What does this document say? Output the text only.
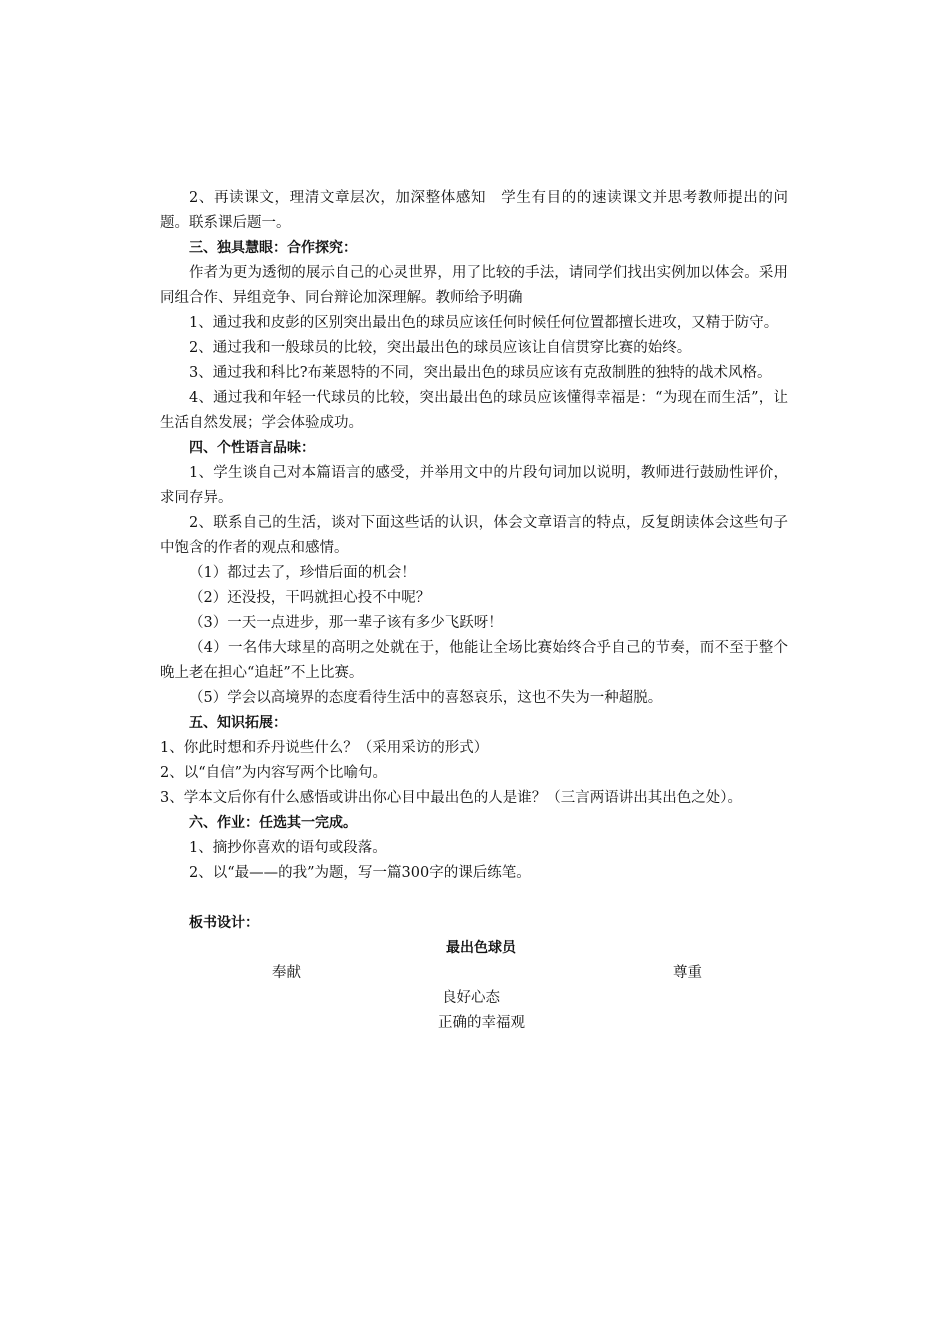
2、再读课文，理清文章层次，加深整体感知　学生有目的的速读课文并思考教师提出的问题。联系课后题一。

三、独具慧眼：合作探究：

作者为更为透彻的展示自己的心灵世界，用了比较的手法，请同学们找出实例加以体会。采用同组合作、异组竞争、同台辩论加深理解。教师给予明确

1、通过我和皮彭的区别突出最出色的球员应该任何时候任何位置都擅长进攻，又精于防守。

2、通过我和一般球员的比较，突出最出色的球员应该让自信贯穿比赛的始终。

3、通过我和科比?布莱恩特的不同，突出最出色的球员应该有克敌制胜的独特的战术风格。

4、通过我和年轻一代球员的比较，突出最出色的球员应该懂得幸福是：“为现在而生活”，让生活自然发展；学会体验成功。

四、个性语言品味：

1、学生谈自己对本篇语言的感受，并举用文中的片段句词加以说明，教师进行鼓励性评价，求同存异。

2、联系自己的生活，谈对下面这些话的认识，体会文章语言的特点，反复朗读体会这些句子中饱含的作者的观点和感情。

（1）都过去了，珍惜后面的机会！

（2）还没投，干吗就担心投不中呢？

（3）一天一点进步，那一辈子该有多少飞跃呀！

（4）一名伟大球星的高明之处就在于，他能让全场比赛始终合乎自己的节奏，而不至于整个晚上老在担心“追赶”不上比赛。

（5）学会以高境界的态度看待生活中的喜怒哀乐，这也不失为一种超脱。

五、知识拓展：

1、你此时想和乔丹说些什么？（采用采访的形式）

2、以“自信”为内容写两个比喻句。

3、学本文后你有什么感悟或讲出你心目中最出色的人是谁？（三言两语讲出其出色之处）。

六、作业：任选其一完成。

1、摘抄你喜欢的语句或段落。

2、以“最——的我”为题，写一篇300字的课后练笔。

板书设计：

最出色球员
奉献	尊重
良好心态
正确的幸福观
